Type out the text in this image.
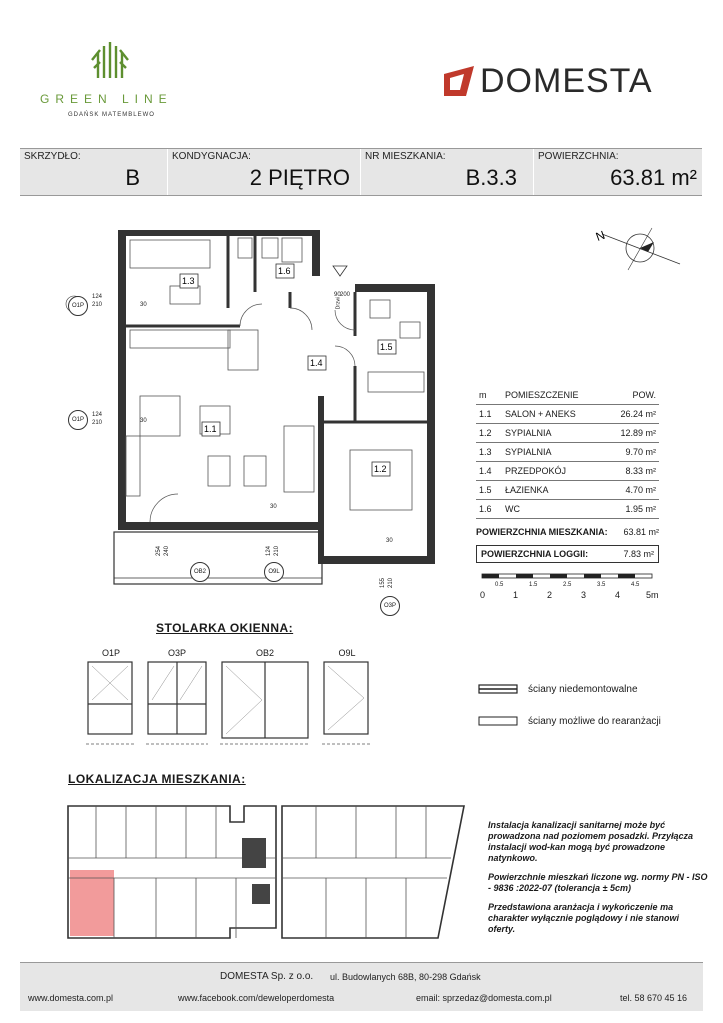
GREEN LINE
GDAŃSK MATEMBLEWO
DOMESTA
SKRZYDŁO:
B
KONDYGNACJA:
2 PIĘTRO
NR MIESZKANIA:
B.3.3
POWIERZCHNIA:
63.81 m²
N
1.3
1.6
1.4
1.5
1.1
1.2
124
210	30
124
210	30
30
30
90 200
254 240	124 210
155 210
O1P
O1P
OB2	O9L
O3P
Drzwi
m	POMIESZCZENIE	POW.
1.1	SALON + ANEKS	26.24 m²
1.2	SYPIALNIA	12.89 m²
1.3	SYPIALNIA	9.70 m²
1.4	PRZEDPOKÓJ	8.33 m²
1.5	ŁAZIENKA	4.70 m²
1.6	WC	1.95 m²
POWIERZCHNIA MIESZKANIA: 63.81 m²
POWIERZCHNIA LOGGII:	7.83 m²
0.5	1.5	2.5	3.5	4.5
0	1	2	3	4	5m
STOLARKA OKIENNA:
O1P	O3P	OB2	O9L
ściany niedemontowalne
ściany możliwe do rearanżacji
LOKALIZACJA MIESZKANIA:
Instalacja kanalizacji sanitarnej może być prowadzona nad poziomem posadzki. Przyłącza instalacji wod-kan mogą być prowadzone natynkowo.
Powierzchnie mieszkań liczone wg. normy PN - ISO - 9836 :2022-07 (tolerancja ± 5cm)
Przedstawiona aranżacja i wykończenie ma charakter wyłącznie poglądowy i nie stanowi oferty.
DOMESTA Sp. z o.o. ul. Budowlanych 68B, 80-298 Gdańsk
www.domesta.com.pl	www.facebook.com/deweloperdomesta	email: sprzedaz@domesta.com.pl	tel. 58 670 45 16
